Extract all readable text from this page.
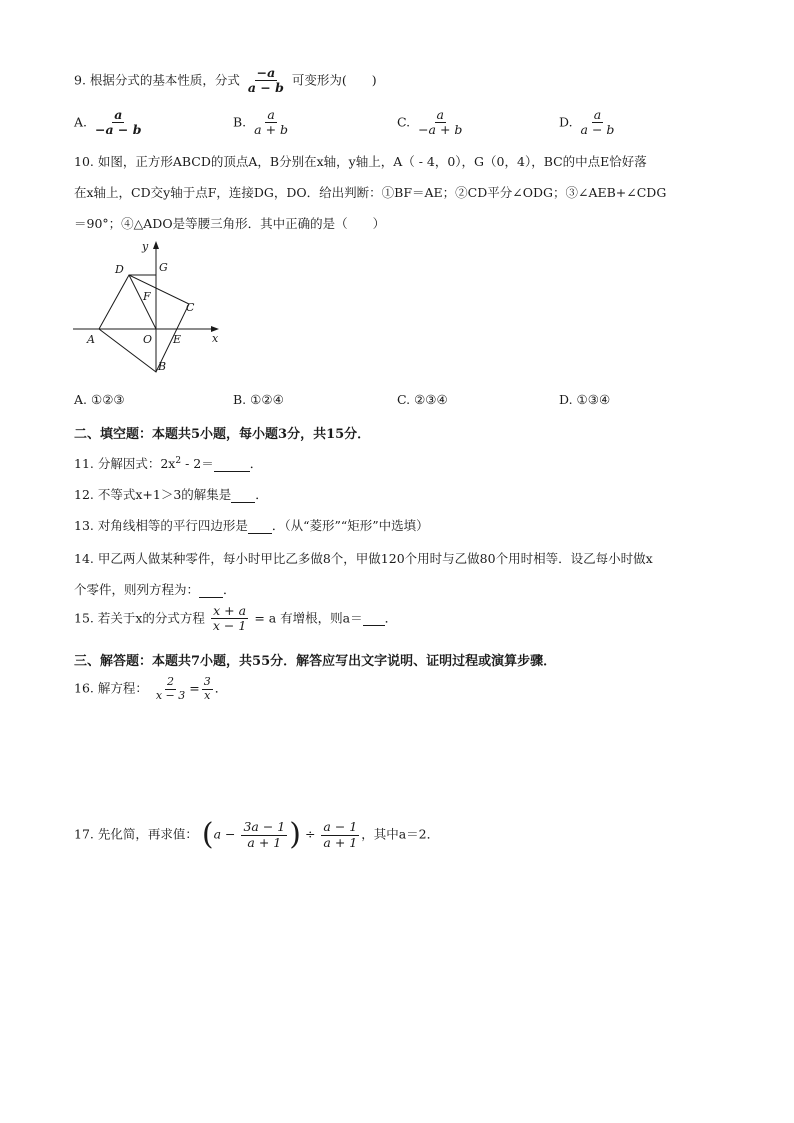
9. 根据分式的基本性质，分式 $\frac{-a}{a - b}$ 可变形为(　　)
A. $\frac{a}{-a - b}$	B. $\frac{a}{a + b}$	C. $\frac{a}{-a + b}$	D. $\frac{a}{a - b}$
10. 如图，正方形ABCD的顶点A，B分别在x轴，y轴上，A（ - 4，0），G（0，4），BC的中点E恰好落
在x轴上，CD交y轴于点F，连接DG，DO．给出判断：①BF＝AE；②CD平分∠ODG；③∠AEB+∠CDG
＝90°；④△ADO是等腰三角形．其中正确的是（　　）
y
x
D	G
F
C
A	O E
B
A. ①②③	B. ①②④	C. ②③④	D. ①③④
二、填空题：本题共5小题，每小题3分，共15分．
11. 分解因式：$2x^2 - 2=$	．
12. 不等式x+1＞3的解集是 ．
13. 对角线相等的平行四边形是 ．（从“菱形”“矩形”中选填）
14. 甲乙两人做某种零件，每小时甲比乙多做8个，甲做120个用时与乙做80个用时相等．设乙每小时做x
个零件，则列方程为： ．
15. 若关于x的分式方程 $\frac{x + a}{x - 1} = a$ 有增根，则a＝ ．
三、解答题：本题共7小题，共55分．解答应写出文字说明、证明过程或演算步骤．
16. 解方程： $\frac{2}{x - 3} = \frac{3}{x}$ ．
17. 先化简，再求值： ($a - \frac{3a - 1}{a + 1}$ ) ÷ $\frac{a - 1}{a + 1}$ ，其中a＝2．
